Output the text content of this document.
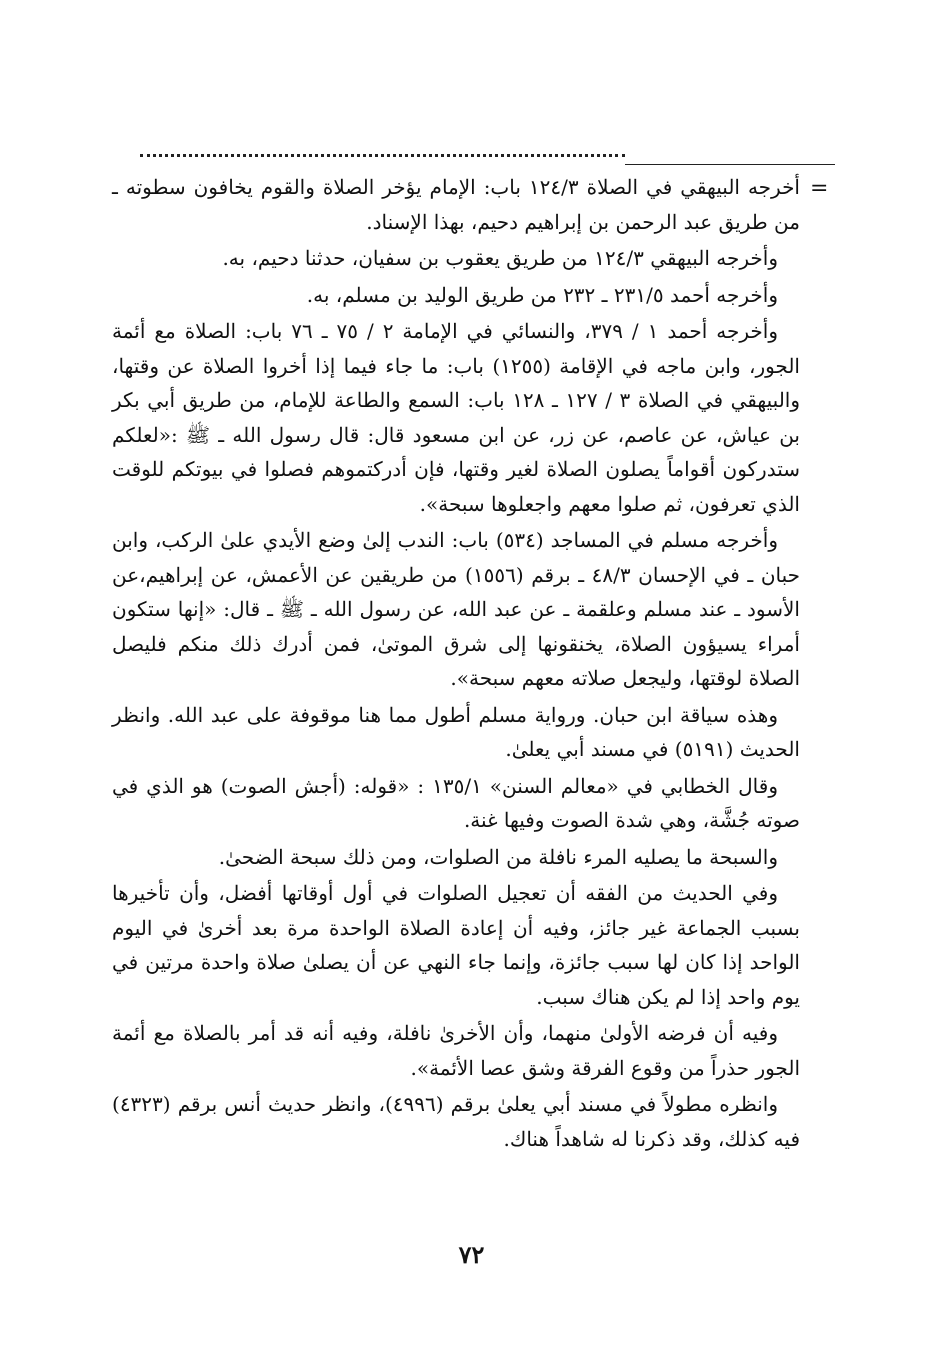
=

أخرجه البيهقي في الصلاة ١٢٤/٣ باب: الإمام يؤخر الصلاة والقوم يخافون سطوته ـ من طريق عبد الرحمن بن إبراهيم دحيم، بهذا الإسناد.

وأخرجه البيهقي ١٢٤/٣ من طريق يعقوب بن سفيان، حدثنا دحيم، به.

وأخرجه أحمد ٢٣١/٥ ـ ٢٣٢ من طريق الوليد بن مسلم، به.

وأخرجه أحمد ١ / ٣٧٩، والنسائي في الإمامة ٢ / ٧٥ ـ ٧٦ باب: الصلاة مع أئمة الجور، وابن ماجه في الإقامة (١٢٥٥) باب: ما جاء فيما إذا أخروا الصلاة عن وقتها، والبيهقي في الصلاة ٣ / ١٢٧ ـ ١٢٨ باب: السمع والطاعة للإمام، من طريق أبي بكر بن عياش، عن عاصم، عن زر، عن ابن مسعود قال: قال رسول الله ـ ﷺ :«لعلكم ستدركون أقواماً يصلون الصلاة لغير وقتها، فإن أدركتموهم فصلوا في بيوتكم للوقت الذي تعرفون، ثم صلوا معهم واجعلوها سبحة».

وأخرجه مسلم في المساجد (٥٣٤) باب: الندب إلىٰ وضع الأيدي علىٰ الركب، وابن حبان ـ في الإحسان ٤٨/٣ ـ برقم (١٥٥٦) من طريقين عن الأعمش، عن إبراهيم،عن الأسود ـ عند مسلم وعلقمة ـ عن عبد الله، عن رسول الله ـ ﷺ ـ قال: «إنها ستكون أمراء يسيؤون الصلاة، يخنقونها إلى شرق الموتىٰ، فمن أدرك ذلك منكم فليصل الصلاة لوقتها، وليجعل صلاته معهم سبحة».

وهذه سياقة ابن حبان. ورواية مسلم أطول مما هنا موقوفة على عبد الله. وانظر الحديث (٥١٩١) في مسند أبي يعلىٰ.

وقال الخطابي في «معالم السنن» ١٣٥/١ : «قوله: (أجش الصوت) هو الذي في صوته جُشَّة، وهي شدة الصوت وفيها غنة.

والسبحة ما يصليه المرء نافلة من الصلوات، ومن ذلك سبحة الضحىٰ.

وفي الحديث من الفقه أن تعجيل الصلوات في أول أوقاتها أفضل، وأن تأخيرها بسبب الجماعة غير جائز، وفيه أن إعادة الصلاة الواحدة مرة بعد أخرىٰ في اليوم الواحد إذا كان لها سبب جائزة، وإنما جاء النهي عن أن يصلىٰ صلاة واحدة مرتين في يوم واحد إذا لم يكن هناك سبب.

وفيه أن فرضه الأولىٰ منهما، وأن الأخرىٰ نافلة، وفيه أنه قد أمر بالصلاة مع أئمة الجور حذراً من وقوع الفرقة وشق عصا الأئمة».

وانظره مطولاً في مسند أبي يعلىٰ برقم (٤٩٩٦)، وانظر حديث أنس برقم (٤٣٢٣) فيه كذلك، وقد ذكرنا له شاهداً هناك.

٧٢
